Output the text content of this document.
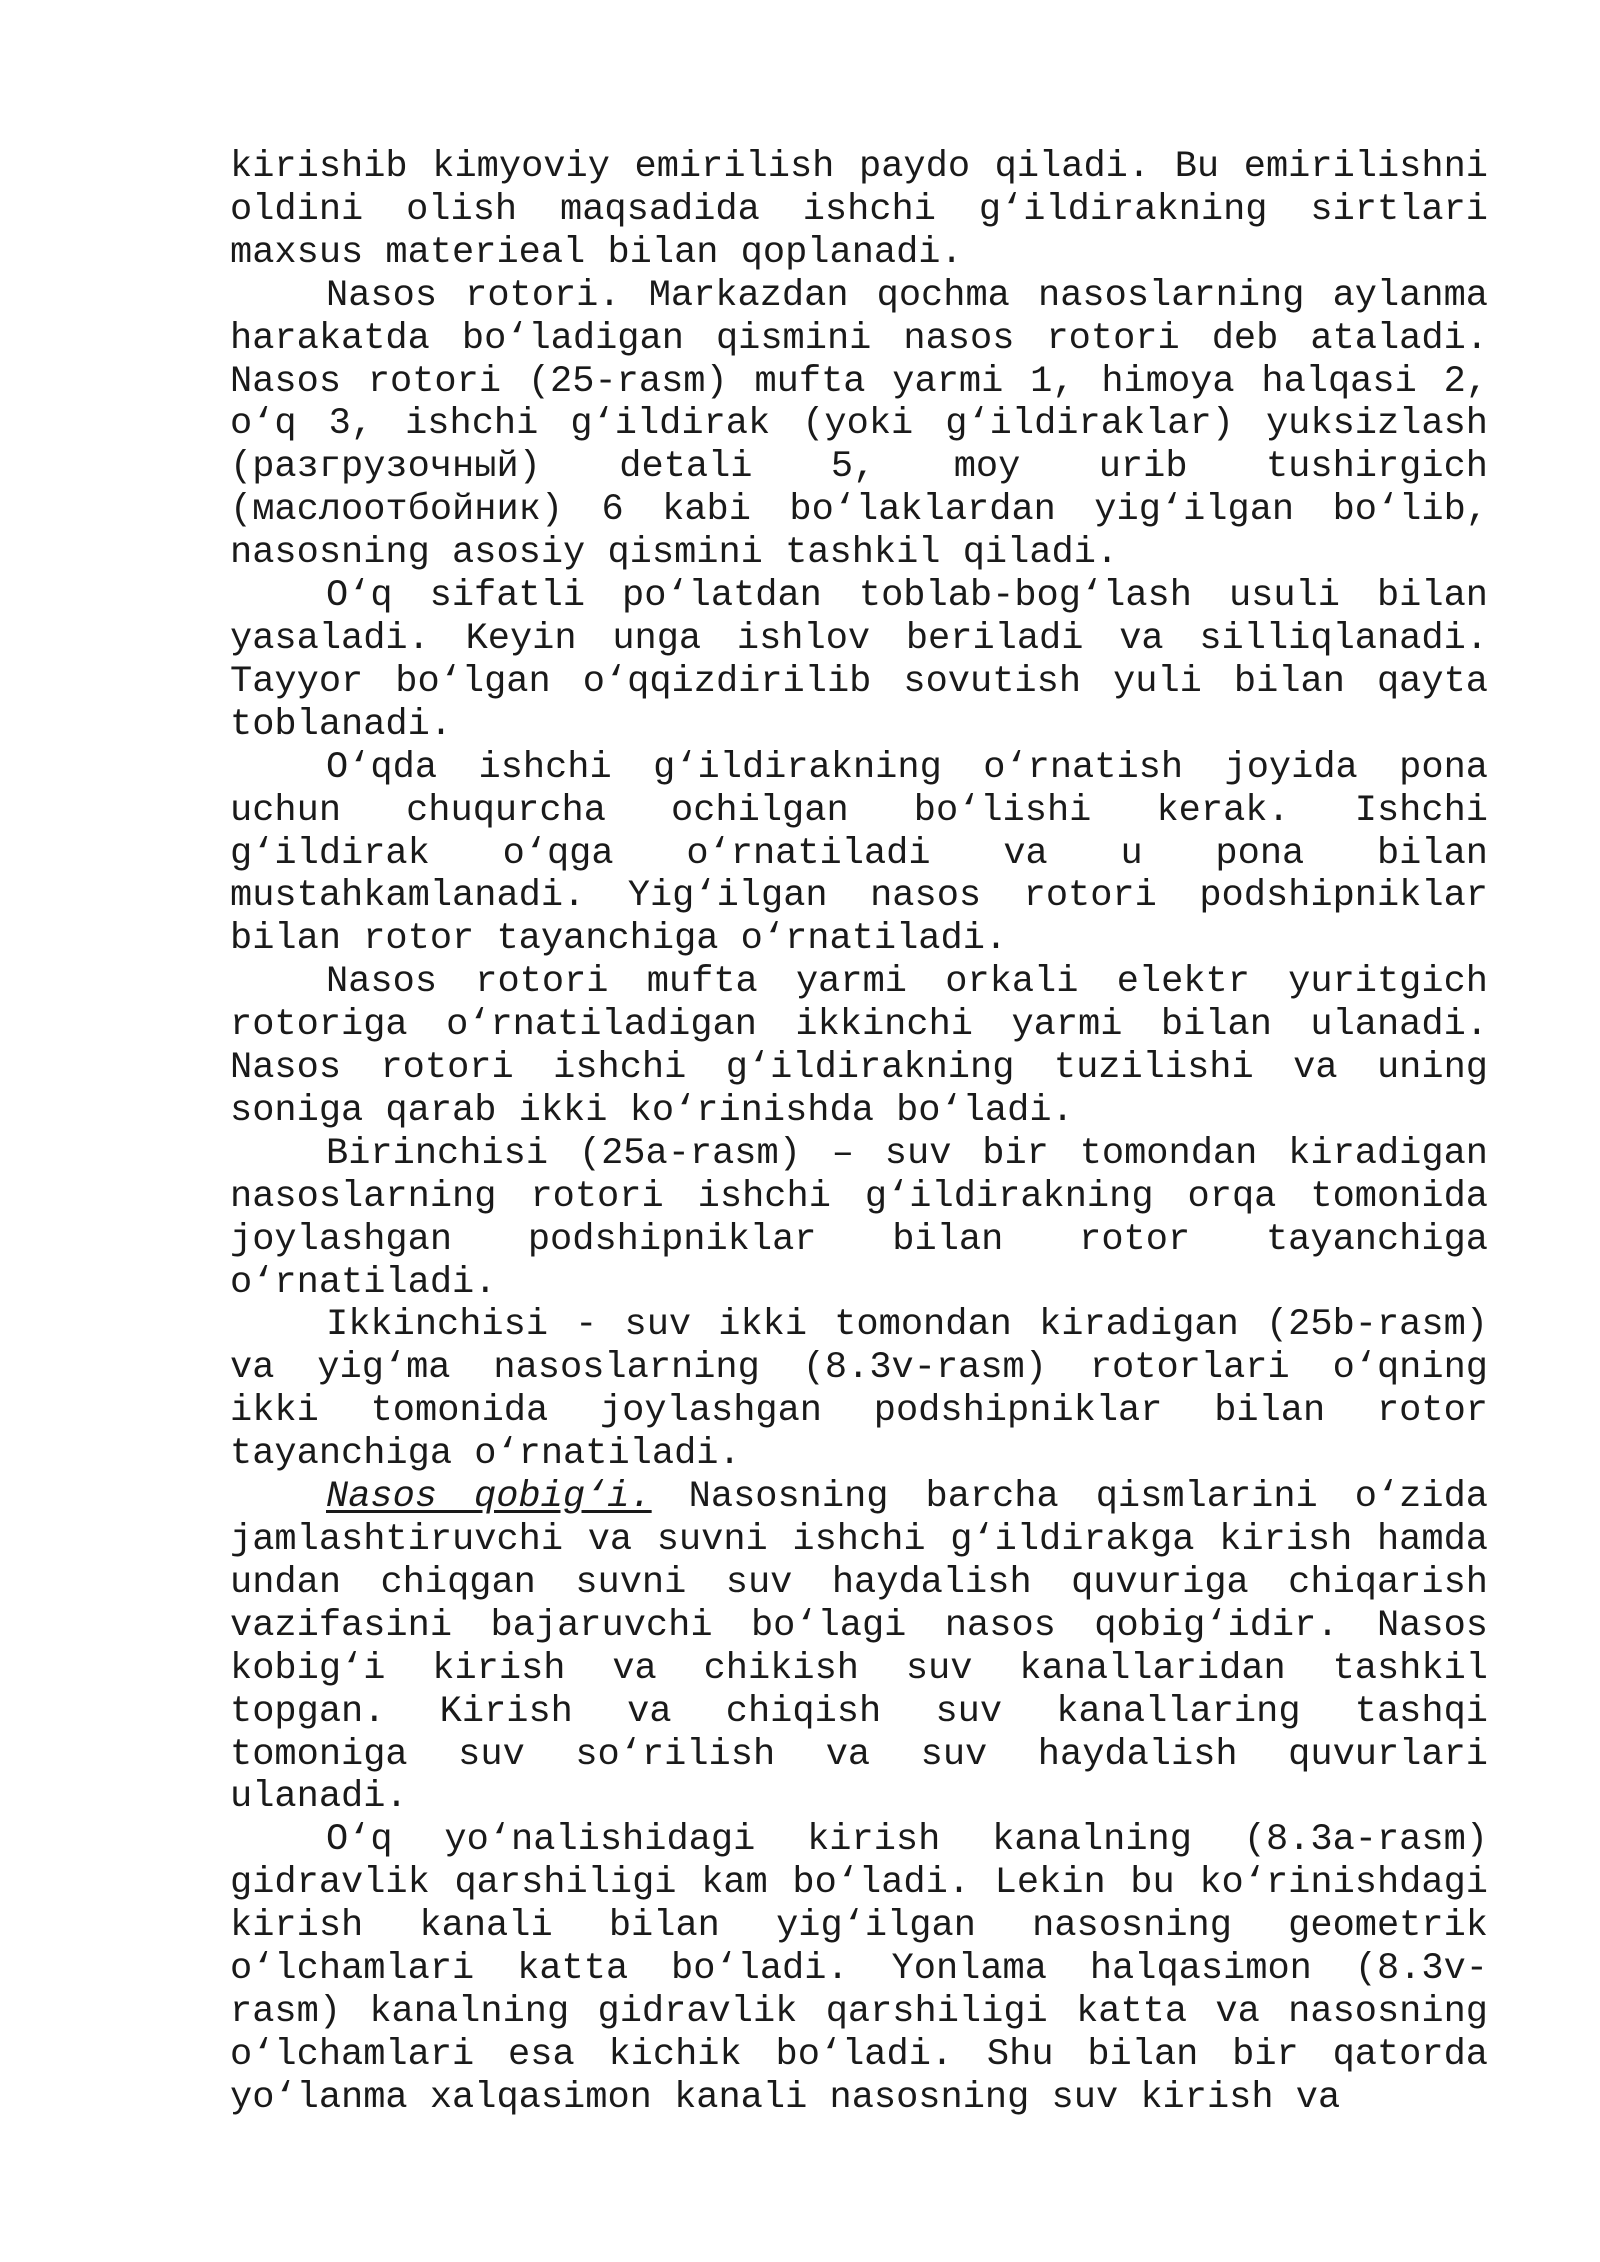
kirishib kimyoviy emirilish paydo qiladi. Bu emirilishni oldini olish maqsadida ishchi g‘ildirakning sirtlari maxsus materieal bilan qoplanadi.

Nasos rotori. Markazdan qochma nasoslarning aylanma harakatda bo‘ladigan qismini nasos rotori deb ataladi. Nasos rotori (25-rasm) mufta yarmi 1, himoya halqasi 2, o‘q 3, ishchi g‘ildirak (yoki g‘ildiraklar) yuksizlash (разгрузочный) detali 5, moy urib tushirgich (маслоотбойник) 6 kabi bo‘laklardan yig‘ilgan bo‘lib, nasosning asosiy qismini tashkil qiladi.

O‘q sifatli po‘latdan toblab-bog‘lash usuli bilan yasaladi. Keyin unga ishlov beriladi va silliqlanadi. Tayyor bo‘lgan o‘qqizdirilib sovutish yuli bilan qayta toblanadi.

O‘qda ishchi g‘ildirakning o‘rnatish joyida pona uchun chuqurcha ochilgan bo‘lishi kerak. Ishchi g‘ildirak o‘qga o‘rnatiladi va u pona bilan mustahkamlanadi. Yig‘ilgan nasos rotori podshipniklar bilan rotor tayanchiga o‘rnatiladi.

Nasos rotori mufta yarmi orkali elektr yuritgich rotoriga o‘rnatiladigan ikkinchi yarmi bilan ulanadi. Nasos rotori ishchi g‘ildirakning tuzilishi va uning soniga qarab ikki ko‘rinishda bo‘ladi.

Birinchisi (25a-rasm) – suv bir tomondan kiradigan nasoslarning rotori ishchi g‘ildirakning orqa tomonida joylashgan podshipniklar bilan rotor tayanchiga o‘rnatiladi.

Ikkinchisi - suv ikki tomondan kiradigan (25b-rasm) va yig‘ma nasoslarning (8.3v-rasm) rotorlari o‘qning ikki tomonida joylashgan podshipniklar bilan rotor tayanchiga o‘rnatiladi.

Nasos qobig‘i. Nasosning barcha qismlarini o‘zida jamlashtiruvchi va suvni ishchi g‘ildirakga kirish hamda undan chiqgan suvni suv haydalish quvuriga chiqarish vazifasini bajaruvchi bo‘lagi nasos qobig‘idir. Nasos kobig‘i kirish va chikish suv kanallaridan tashkil topgan. Kirish va chiqish suv kanallaring tashqi tomoniga suv so‘rilish va suv haydalish quvurlari ulanadi.

O‘q yo‘nalishidagi kirish kanalning (8.3a-rasm) gidravlik qarshiligi kam bo‘ladi. Lekin bu ko‘rinishdagi kirish kanali bilan yig‘ilgan nasosning geometrik o‘lchamlari katta bo‘ladi. Yonlama halqasimon (8.3v-rasm) kanalning gidravlik qarshiligi katta va nasosning o‘lchamlari esa kichik bo‘ladi. Shu bilan bir qatorda yo‘lanma xalqasimon kanali nasosning suv kirish va
